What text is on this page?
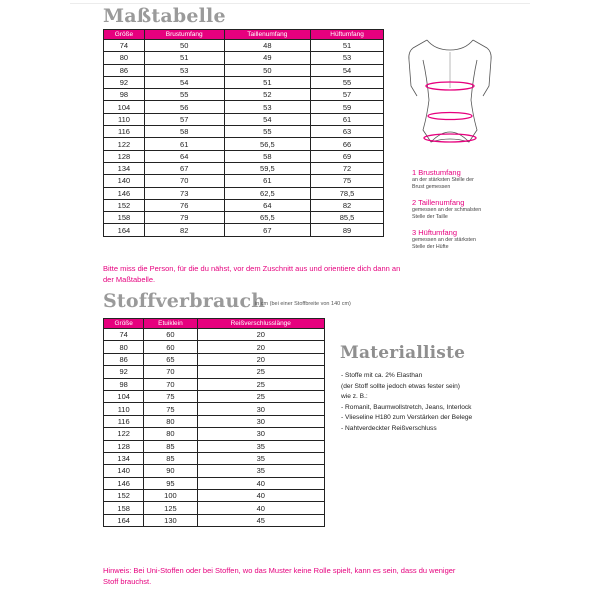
Maßtabelle
Größe	Brustumfang	Taillenumfang	Hüftumfang
74	50	48	51
80	51	49	53
86	53	50	54
92	54	51	55
98	55	52	57
104	56	53	59
110	57	54	61
116	58	55	63
122	61	56,5	66
128	64	58	69
134	67	59,5	72
140	70	61	75
146	73	62,5	78,5
152	76	64	82
158	79	65,5	85,5
164	82	67	89
Bitte miss die Person, für die du nähst, vor dem Zuschnitt aus und orientiere dich dann an der Maßtabelle.
1 Brustumfang
an der stärksten Stelle der Brust gemessen
2 Taillenumfang
gemessen an der schmalsten Stelle der Taille
3 Hüftumfang
gemessen an der stärksten Stelle der Hüfte
Stoffverbrauch
in cm (bei einer Stoffbreite von 140 cm)
Größe	Etuiklein	Reißverschlusslänge
74	60	20
80	60	20
86	65	20
92	70	25
98	70	25
104	75	25
110	75	30
116	80	30
122	80	30
128	85	35
134	85	35
140	90	35
146	95	40
152	100	40
158	125	40
164	130	45
Materialliste
- Stoffe mit ca. 2% Elasthan
(der Stoff sollte jedoch etwas fester sein)
wie z. B.:
- Romanit, Baumwollstretch, Jeans, Interlock
- Vlieseline H180 zum Verstärken der Belege
- Nahtverdeckter Reißverschluss
Hinweis: Bei Uni-Stoffen oder bei Stoffen, wo das Muster keine Rolle spielt, kann es sein, dass du weniger Stoff brauchst.
